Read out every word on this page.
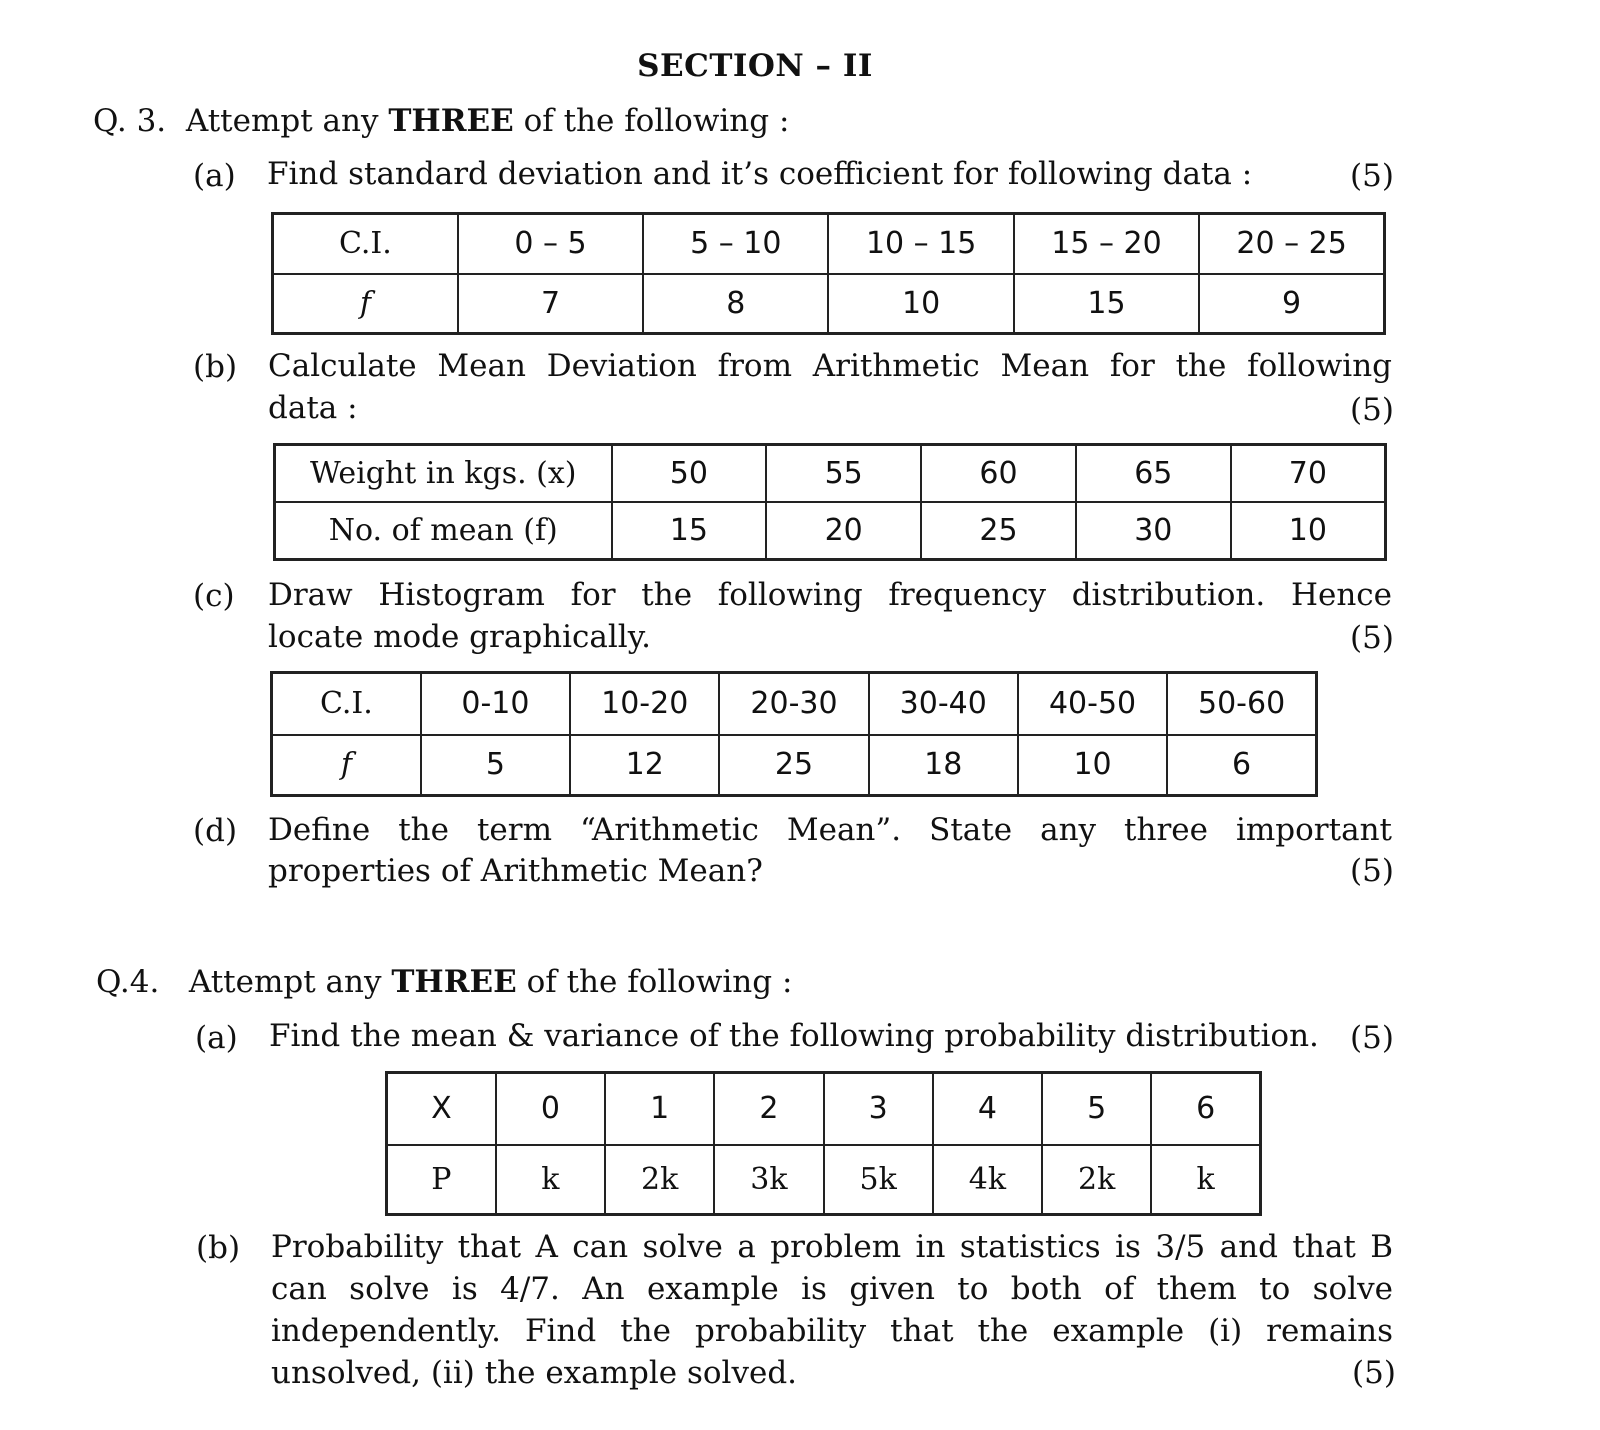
SECTION – II
Q. 3. Attempt any THREE of the following :
(a) Find standard deviation and it’s coefficient for following data :	(5)
C.I.	0 – 5	5 – 10	10 – 15	15 – 20	20 – 25
f	7	8	10	15	9
(b) Calculate Mean Deviation from Arithmetic Mean for the following
data :	(5)
Weight in kgs. (x)	50	55	60	65	70
No. of mean (f)	15	20	25	30	10
(c) Draw Histogram for the following frequency distribution. Hence
locate mode graphically.	(5)
C.I.	0-10	10-20	20-30	30-40	40-50	50-60
f	5	12	25	18	10	6
(d) Define the term “Arithmetic Mean”. State any three important
properties of Arithmetic Mean?	(5)
Q.4. Attempt any THREE of the following :
(a) Find the mean & variance of the following probability distribution. (5)
X	0	1	2	3	4	5	6
P	k	2k	3k	5k	4k	2k	k
(b) Probability that A can solve a problem in statistics is 3/5 and that B
can solve is 4/7. An example is given to both of them to solve
independently. Find the probability that the example (i) remains
unsolved, (ii) the example solved.	(5)
